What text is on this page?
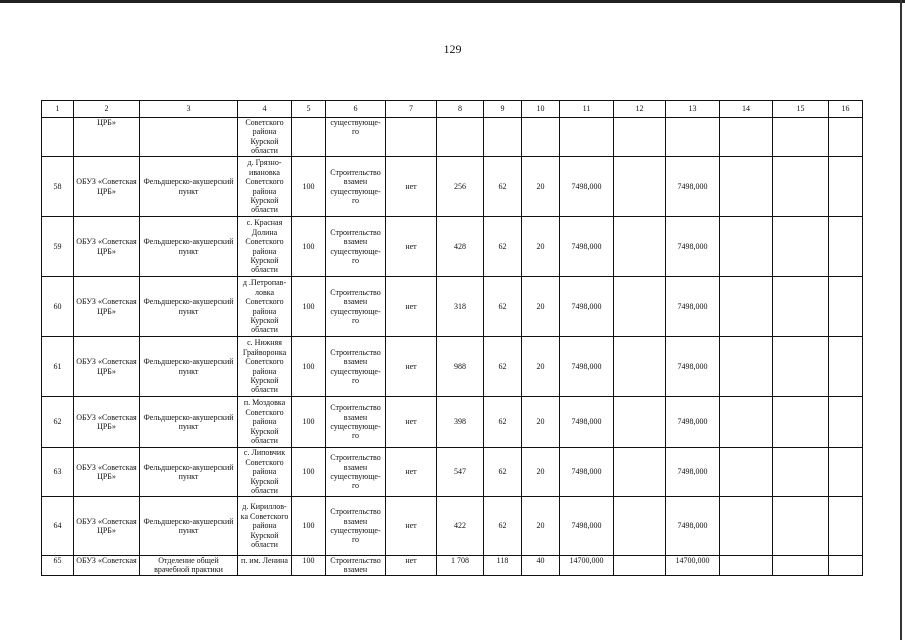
129
1	2	3	4	5	6	7	8	9	10	11	12	13	14	15	16
	ЦРБ»		Советского района Курской области		существующе-го										
58	ОБУЗ «Советская ЦРБ»	Фельдшерско-акушерский пункт	д. Грязно-ивановка Советского района Курской области	100	Строительство взамен существующе-го	нет	256	62	20	7498,000		7498,000			
59	ОБУЗ «Советская ЦРБ»	Фельдшерско-акушерский пункт	с. Красная Долина Советского района Курской области	100	Строительство взамен существующе-го	нет	428	62	20	7498,000		7498,000			
60	ОБУЗ «Советская ЦРБ»	Фельдшерско-акушерский пункт	д .Петропав-ловка Советского района Курской области	100	Строительство взамен существующе-го	нет	318	62	20	7498,000		7498,000			
61	ОБУЗ «Советская ЦРБ»	Фельдшерско-акушерский пункт	с. Нижняя Грайворонка Советского района Курской области	100	Строительство взамен существующе-го	нет	988	62	20	7498,000		7498,000			
62	ОБУЗ «Советская ЦРБ»	Фельдшерско-акушерский пункт	п. Моздовка Советского района Курской области	100	Строительство взамен существующе-го	нет	398	62	20	7498,000		7498,000			
63	ОБУЗ «Советская ЦРБ»	Фельдшерско-акушерский пункт	с. Липовчик Советского района Курской области	100	Строительство взамен существующе-го	нет	547	62	20	7498,000		7498,000			
64	ОБУЗ «Советская ЦРБ»	Фельдшерско-акушерский пункт	д. Кириллов-ка Советского района Курской области	100	Строительство взамен существующе-го	нет	422	62	20	7498,000		7498,000			
65	ОБУЗ «Советская	Отделение общей врачебной практики	п. им. Ленина	100	Строительство взамен	нет	1 708	118	40	14700,000		14700,000			
